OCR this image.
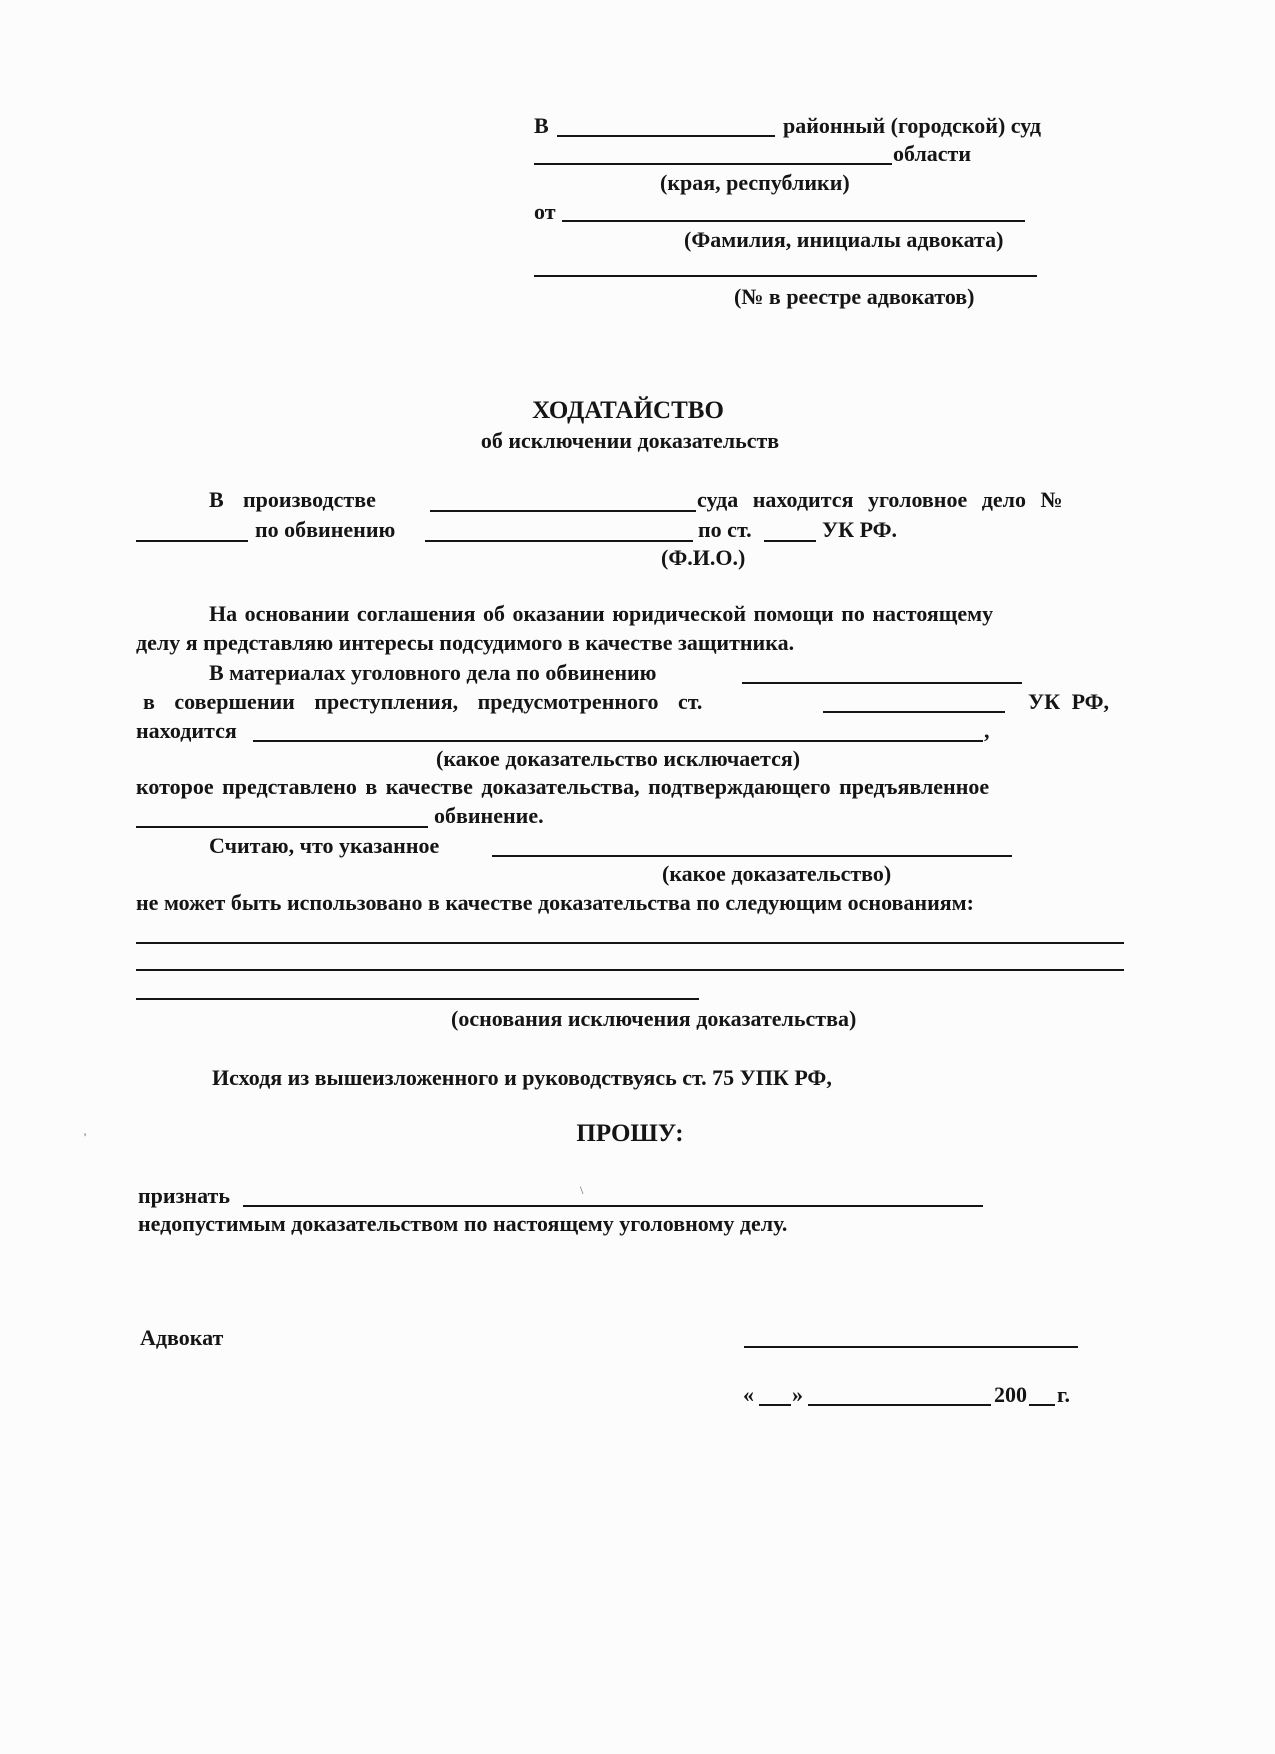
В	районный (городской) суд
области
(края, республики)
от
(Фамилия, инициалы адвоката)
(№ в реестре адвокатов)
ХОДАТАЙСТВО
об исключении доказательств
В производстве	суда находится уголовное дело №
по обвинению	по ст.	УК РФ.
(Ф.И.О.)
На основании соглашения об оказании юридической помощи по настоящему
делу я представляю интересы подсудимого в качестве защитника.
В материалах уголовного дела по обвинению
в совершении преступления, предусмотренного ст.	УК РФ,
находится	,
(какое доказательство исключается)
которое представлено в качестве доказательства, подтверждающего предъявленное
обвинение.
Считаю, что указанное
(какое доказательство)
не может быть использовано в качестве доказательства по следующим основаниям:
(основания исключения доказательства)
Исходя из вышеизложенного и руководствуясь ст. 75 УПК РФ,
ПРОШУ:
признать
недопустимым доказательством по настоящему уголовному делу.
Адвокат
« »	200 г.
\
'
